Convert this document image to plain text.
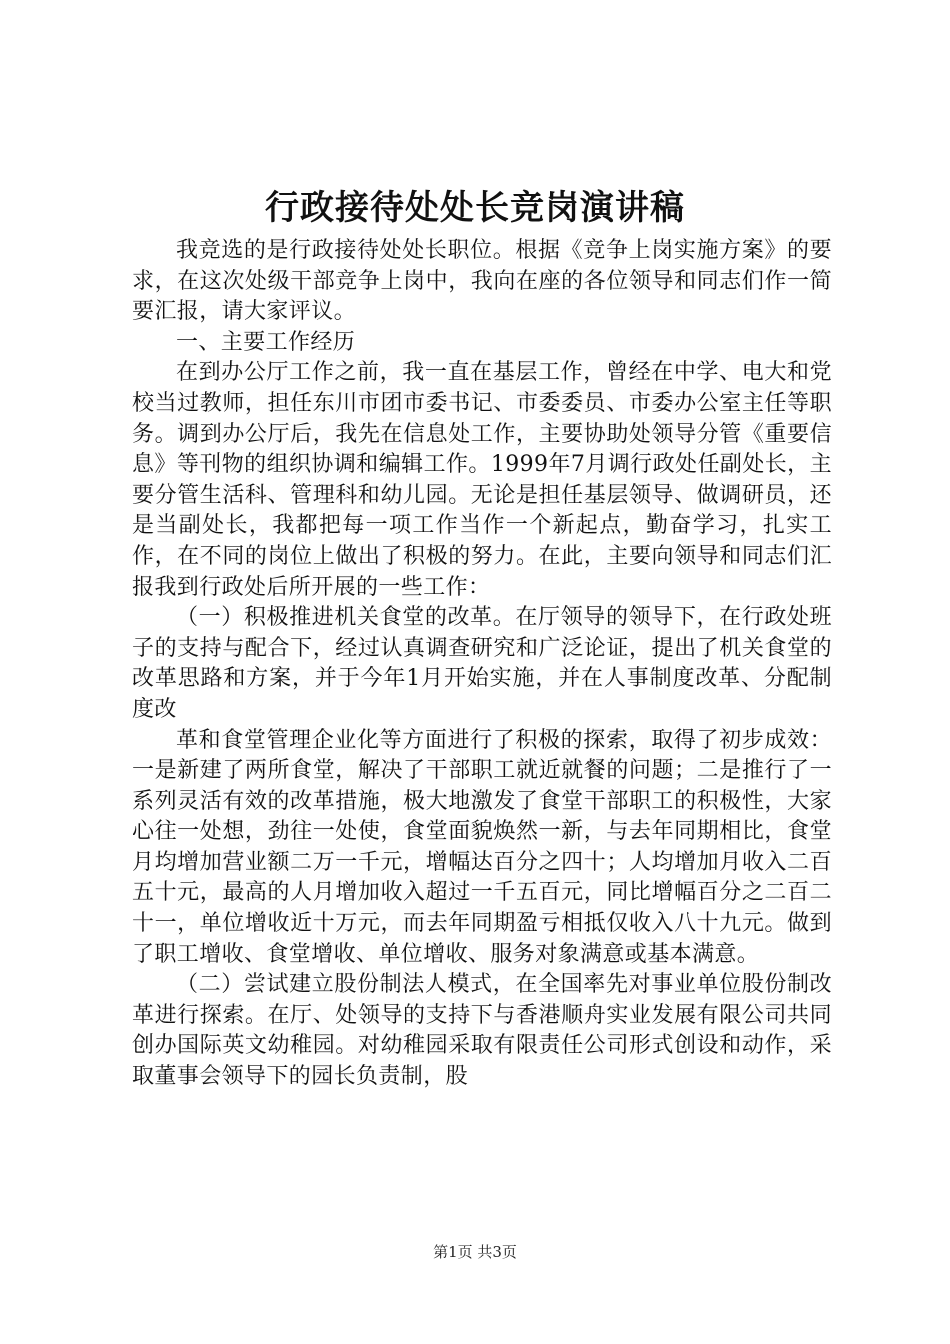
行政接待处处长竞岗演讲稿

我竞选的是行政接待处处长职位。根据《竞争上岗实施方案》的要求，在这次处级干部竞争上岗中，我向在座的各位领导和同志们作一简要汇报，请大家评议。

一、主要工作经历

在到办公厅工作之前，我一直在基层工作，曾经在中学、电大和党校当过教师，担任东川市团市委书记、市委委员、市委办公室主任等职务。调到办公厅后，我先在信息处工作，主要协助处领导分管《重要信息》等刊物的组织协调和编辑工作。1999年7月调行政处任副处长，主要分管生活科、管理科和幼儿园。无论是担任基层领导、做调研员，还是当副处长，我都把每一项工作当作一个新起点，勤奋学习，扎实工作，在不同的岗位上做出了积极的努力。在此，主要向领导和同志们汇报我到行政处后所开展的一些工作：

（一）积极推进机关食堂的改革。在厅领导的领导下，在行政处班子的支持与配合下，经过认真调查研究和广泛论证，提出了机关食堂的改革思路和方案，并于今年1月开始实施，并在人事制度改革、分配制度改

革和食堂管理企业化等方面进行了积极的探索，取得了初步成效：一是新建了两所食堂，解决了干部职工就近就餐的问题；二是推行了一系列灵活有效的改革措施，极大地激发了食堂干部职工的积极性，大家心往一处想，劲往一处使，食堂面貌焕然一新，与去年同期相比，食堂月均增加营业额二万一千元，增幅达百分之四十；人均增加月收入二百五十元，最高的人月增加收入超过一千五百元，同比增幅百分之二百二十一，单位增收近十万元，而去年同期盈亏相抵仅收入八十九元。做到了职工增收、食堂增收、单位增收、服务对象满意或基本满意。

（二）尝试建立股份制法人模式，在全国率先对事业单位股份制改革进行探索。在厅、处领导的支持下与香港顺舟实业发展有限公司共同创办国际英文幼稚园。对幼稚园采取有限责任公司形式创设和动作，采取董事会领导下的园长负责制，股

第1页 共3页
